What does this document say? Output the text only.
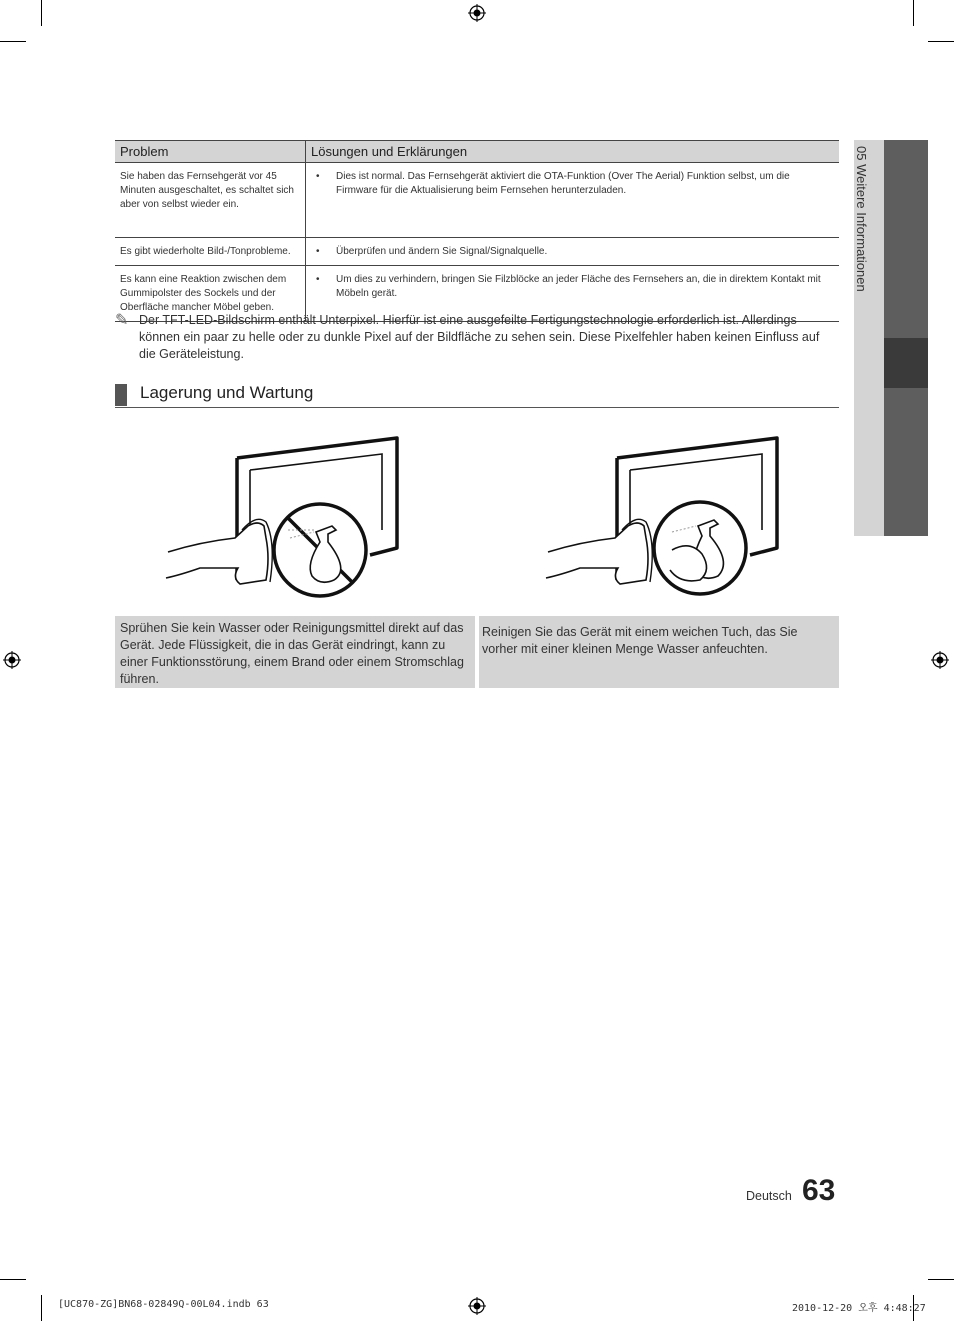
Problem	Lösungen und Erklärungen
Sie haben das Fernsehgerät vor 45 Minuten ausgeschaltet, es schaltet sich aber von selbst wieder ein.	• Dies ist normal. Das Fernsehgerät aktiviert die OTA-Funktion (Over The Aerial) Funktion selbst, um die Firmware für die Aktualisierung beim Fernsehen herunterzuladen.

Es gibt wiederholte Bild-/Tonprobleme.	• Überprüfen und ändern Sie Signal/Signalquelle.

Es kann eine Reaktion zwischen dem Gummipolster des Sockels und der Oberfläche mancher Möbel geben.	• Um dies zu verhindern, bringen Sie Filzblöcke an jeder Fläche des Fernsehers an, die in direktem Kontakt mit Möbeln gerät.
✎ Der TFT-LED-Bildschirm enthält Unterpixel. Hierfür ist eine ausgefeilte Fertigungstechnologie erforderlich ist. Allerdings können ein paar zu helle oder zu dunkle Pixel auf der Bildfläche zu sehen sein. Diese Pixelfehler haben keinen Einfluss auf die Geräteleistung.
Lagerung und Wartung
Sprühen Sie kein Wasser oder Reinigungsmittel direkt auf das Gerät. Jede Flüssigkeit, die in das Gerät eindringt, kann zu einer Funktionsstörung, einem Brand oder einem Stromschlag führen.
Reinigen Sie das Gerät mit einem weichen Tuch, das Sie vorher mit einer kleinen Menge Wasser anfeuchten.
05 Weitere Informationen
Deutsch 63
[UC870-ZG]BN68-02849Q-00L04.indb 63	2010-12-20 오후 4:48:27
